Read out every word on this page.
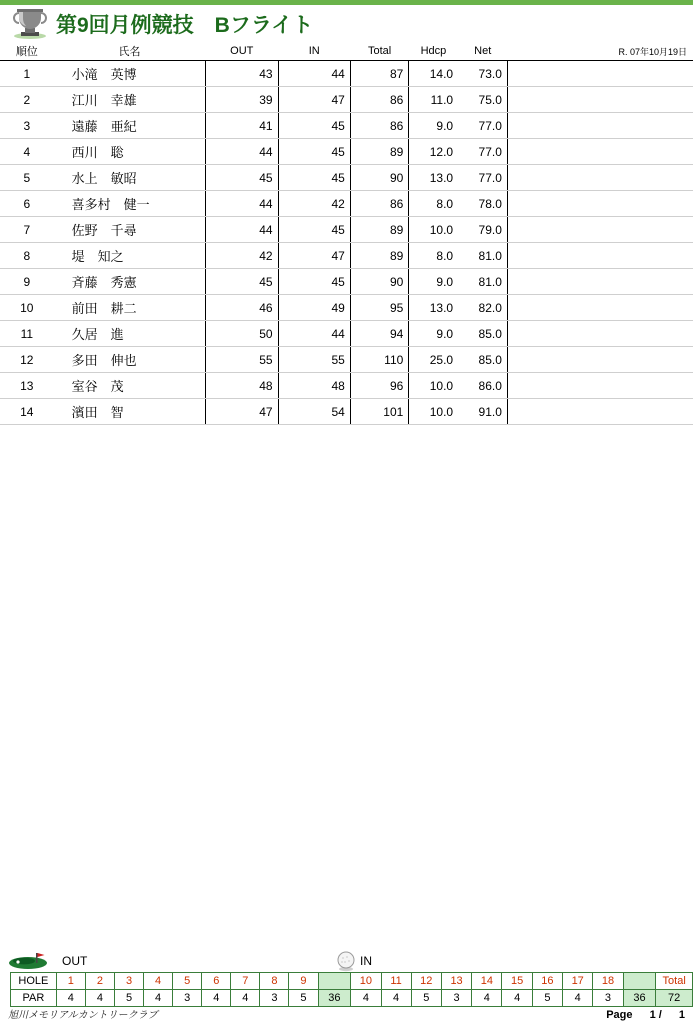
第9回月例競技　Bフライト
順位	氏名	OUT	IN	Total	Hdcp	Net	R. 07年10月19日
1	小滝　英博	43	44	87	14.0	73.0	
2	江川　幸雄	39	47	86	11.0	75.0	
3	遠藤　亜紀	41	45	86	9.0	77.0	
4	西川　聡	44	45	89	12.0	77.0	
5	水上　敏昭	45	45	90	13.0	77.0	
6	喜多村　健一	44	42	86	8.0	78.0	
7	佐野　千尋	44	45	89	10.0	79.0	
8	堤　知之	42	47	89	8.0	81.0	
9	斉藤　秀憲	45	45	90	9.0	81.0	
10	前田　耕二	46	49	95	13.0	82.0	
11	久居　進	50	44	94	9.0	85.0	
12	多田　伸也	55	55	110	25.0	85.0	
13	室谷　茂	48	48	96	10.0	86.0	
14	濱田　智	47	54	101	10.0	91.0	
OUT	IN
HOLE	1	2	3	4	5	6	7	8	9		10	11	12	13	14	15	16	17	18		Total
PAR	4	4	5	4	3	4	4	3	5	36	4	4	5	3	4	4	5	4	3	36	72
旭川メモリアルカントリークラブ	Page 1 / 1
